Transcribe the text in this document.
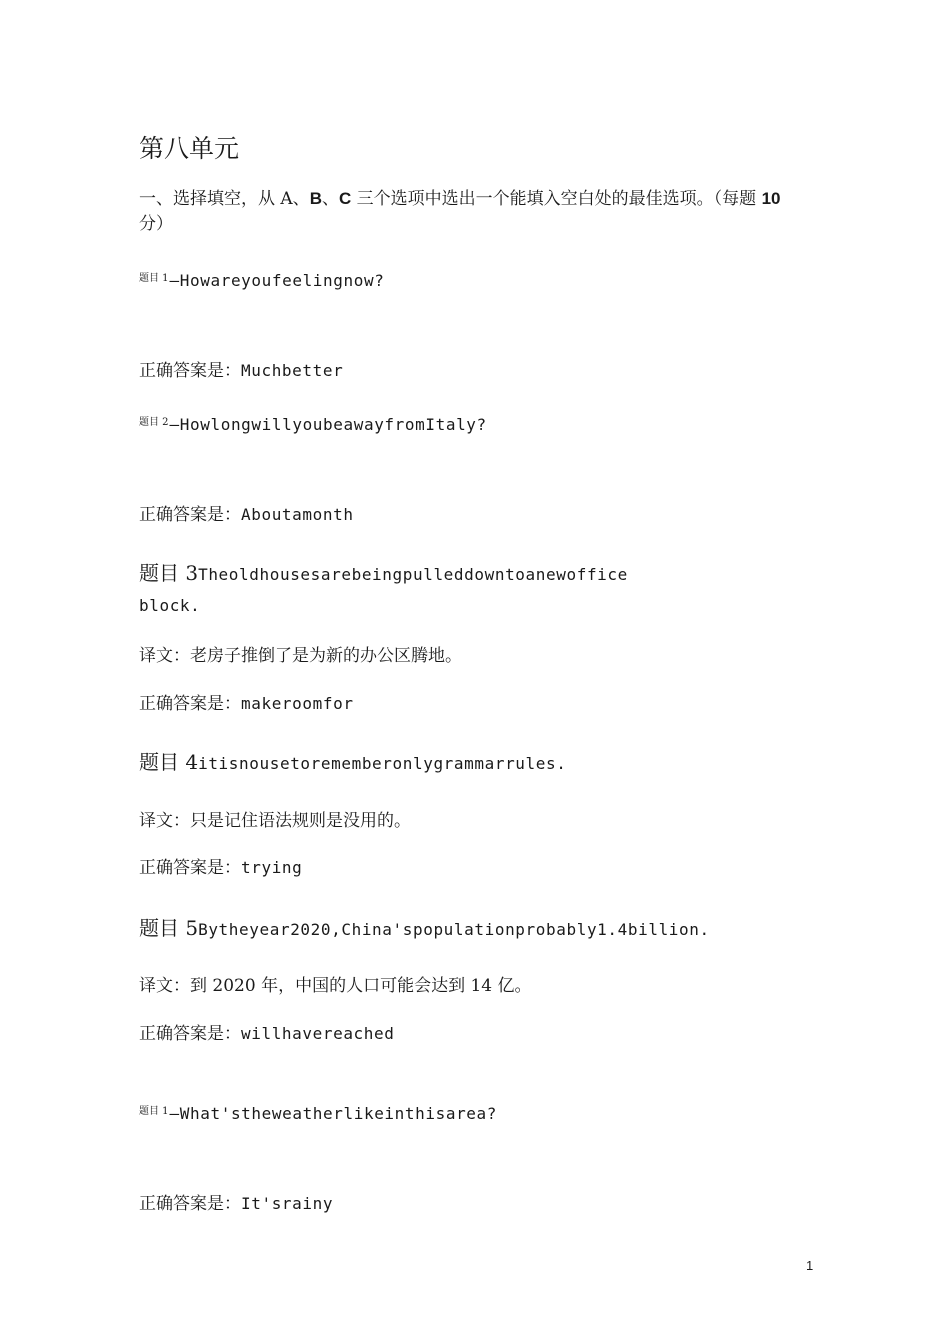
第八单元
一、选择填空，从 A、B、C 三个选项中选出一个能填入空白处的最佳选项。（每题 10 分）
$^{题目 1}$—Howareyoufeelingnow?
正确答案是：Muchbetter
$^{题目 2}$—HowlongwillyoubeawayfromItaly?
正确答案是：Aboutamonth
题目 3Theoldhousesarebeingpulleddowntoanewoffice
block.
译文：老房子推倒了是为新的办公区腾地。
正确答案是：makeroomfor
题目 4itisnousetorememberonlygrammarrules.
译文：只是记住语法规则是没用的。
正确答案是：trying
题目 5Bytheyear2020,China'spopulationprobably1.4billion.
译文：到 2020 年，中国的人口可能会达到 14 亿。
正确答案是：willhavereached
$^{题目 1}$—What'stheweatherlikeinthisarea?
正确答案是：It'srainy
1
